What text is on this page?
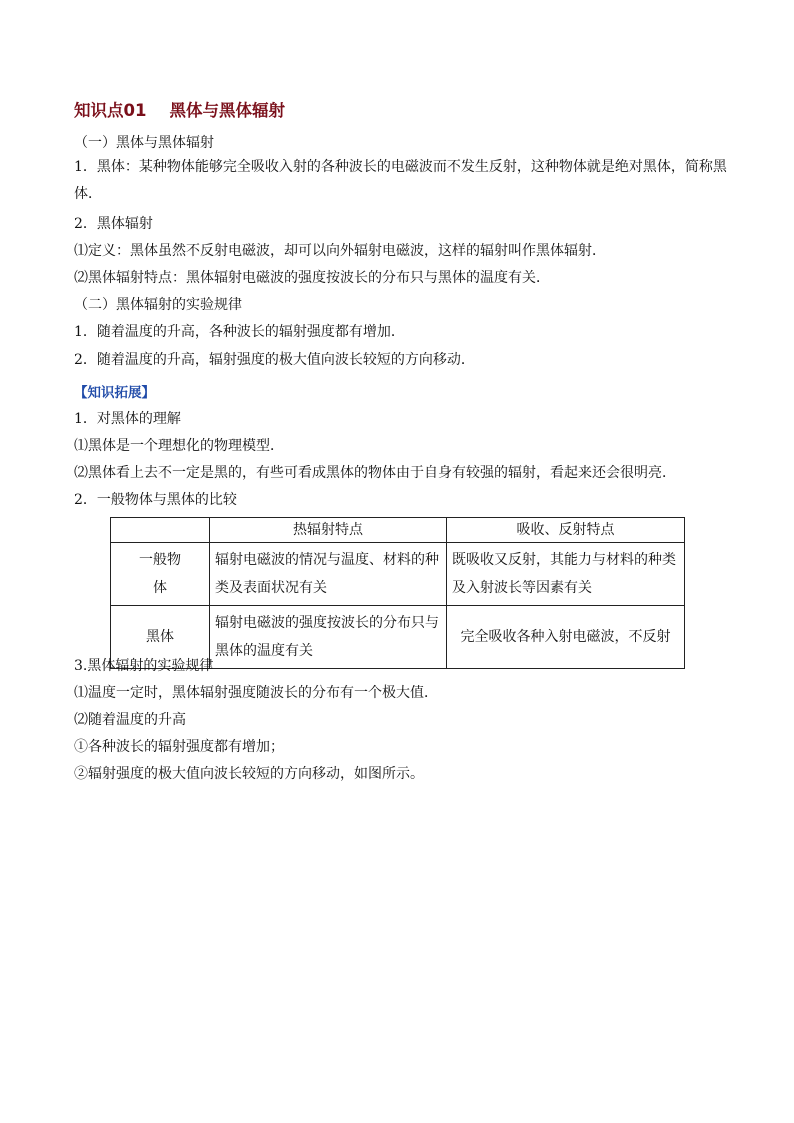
知识点01    黑体与黑体辐射
（一）黑体与黑体辐射
1．黑体：某种物体能够完全吸收入射的各种波长的电磁波而不发生反射，这种物体就是绝对黑体，简称黑体．
2．黑体辐射
⑴定义：黑体虽然不反射电磁波，却可以向外辐射电磁波，这样的辐射叫作黑体辐射．
⑵黑体辐射特点：黑体辐射电磁波的强度按波长的分布只与黑体的温度有关．
（二）黑体辐射的实验规律
1．随着温度的升高，各种波长的辐射强度都有增加．
2．随着温度的升高，辐射强度的极大值向波长较短的方向移动．
【知识拓展】
1．对黑体的理解
⑴黑体是一个理想化的物理模型．
⑵黑体看上去不一定是黑的，有些可看成黑体的物体由于自身有较强的辐射，看起来还会很明亮．
2．一般物体与黑体的比较
	热辐射特点	吸收、反射特点
一般物体	辐射电磁波的情况与温度、材料的种类及表面状况有关	既吸收又反射，其能力与材料的种类及入射波长等因素有关
黑体	辐射电磁波的强度按波长的分布只与黑体的温度有关	完全吸收各种入射电磁波，不反射
3.黑体辐射的实验规律
⑴温度一定时，黑体辐射强度随波长的分布有一个极大值．
⑵随着温度的升高
①各种波长的辐射强度都有增加；
②辐射强度的极大值向波长较短的方向移动，如图所示。
